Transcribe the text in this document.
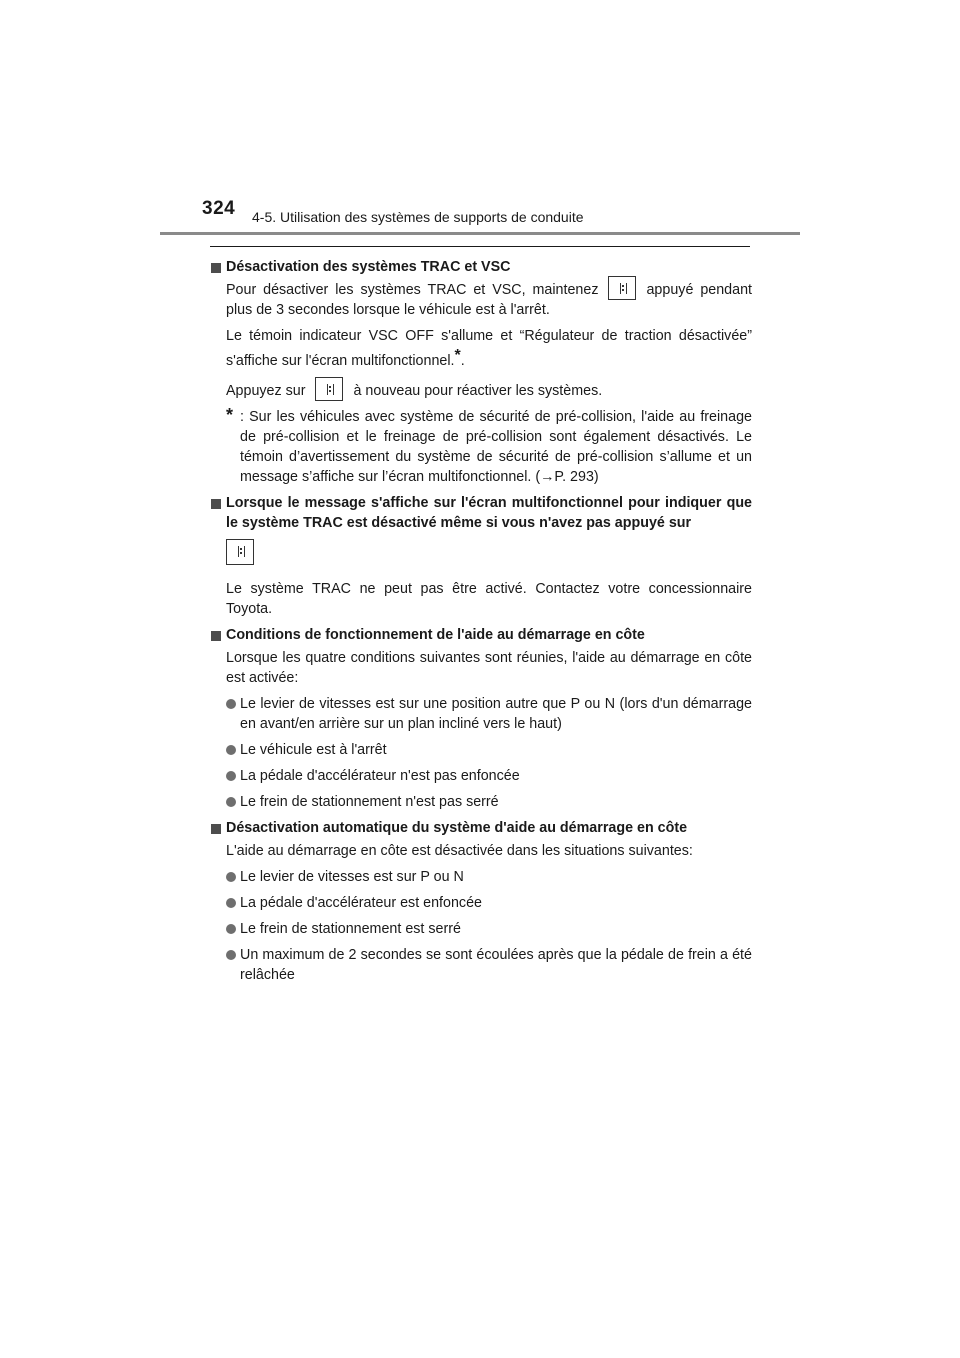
324 4-5. Utilisation des systèmes de supports de conduite
Désactivation des systèmes TRAC et VSC
Pour désactiver les systèmes TRAC et VSC, maintenez	appuyé pendant plus de 3 secondes lorsque le véhicule est à l'arrêt.
Le témoin indicateur VSC OFF s'allume et “Régulateur de traction désactivée” s'affiche sur l'écran multifonctionnel.*.
Appuyez sur	à nouveau pour réactiver les systèmes.
* : Sur les véhicules avec système de sécurité de pré-collision, l'aide au freinage de pré-collision et le freinage de pré-collision sont également désactivés. Le témoin d’avertissement du système de sécurité de pré-collision s’allume et un message s’affiche sur l’écran multifonctionnel. (→P. 293)
Lorsque le message s'affiche sur l'écran multifonctionnel pour indiquer que le système TRAC est désactivé même si vous n'avez pas appuyé sur
Le système TRAC ne peut pas être activé. Contactez votre concessionnaire Toyota.
Conditions de fonctionnement de l'aide au démarrage en côte
Lorsque les quatre conditions suivantes sont réunies, l'aide au démarrage en côte est activée:
Le levier de vitesses est sur une position autre que P ou N (lors d'un démarrage en avant/en arrière sur un plan incliné vers le haut)
Le véhicule est à l'arrêt
La pédale d'accélérateur n'est pas enfoncée
Le frein de stationnement n'est pas serré
Désactivation automatique du système d'aide au démarrage en côte
L'aide au démarrage en côte est désactivée dans les situations suivantes:
Le levier de vitesses est sur P ou N
La pédale d'accélérateur est enfoncée
Le frein de stationnement est serré
Un maximum de 2 secondes se sont écoulées après que la pédale de frein a été relâchée
